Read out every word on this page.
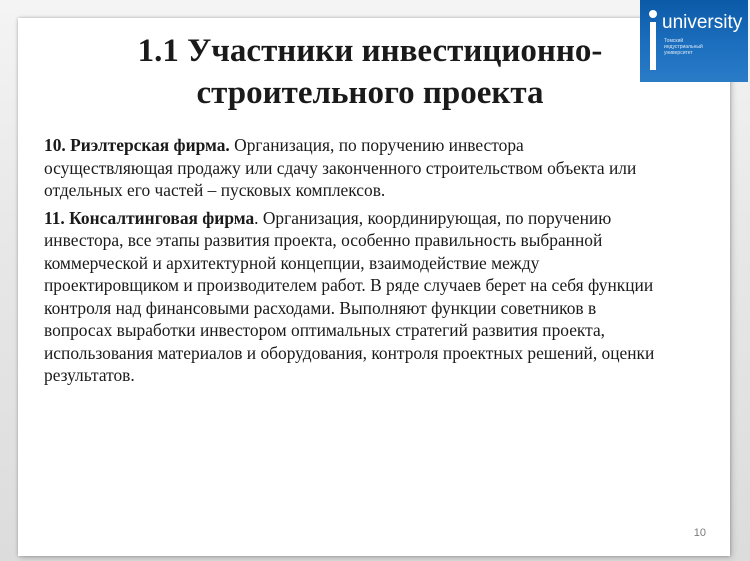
university
Томский
индустриальный
университет
1.1 Участники инвестиционно-
строительного проекта
10. Риэлтерская фирма. Организация, по поручению инвестора
осуществляющая продажу или сдачу законченного строительством объекта или
отдельных его частей – пусковых комплексов.
11. Консалтинговая фирма. Организация, координирующая, по поручению
инвестора, все этапы развития проекта, особенно правильность выбранной
коммерческой и архитектурной концепции, взаимодействие между
проектировщиком и производителем работ. В ряде случаев берет на себя функции
контроля над финансовыми расходами. Выполняют функции советников в
вопросах выработки инвестором оптимальных стратегий развития проекта,
использования материалов и оборудования, контроля проектных решений, оценки
результатов.
10
